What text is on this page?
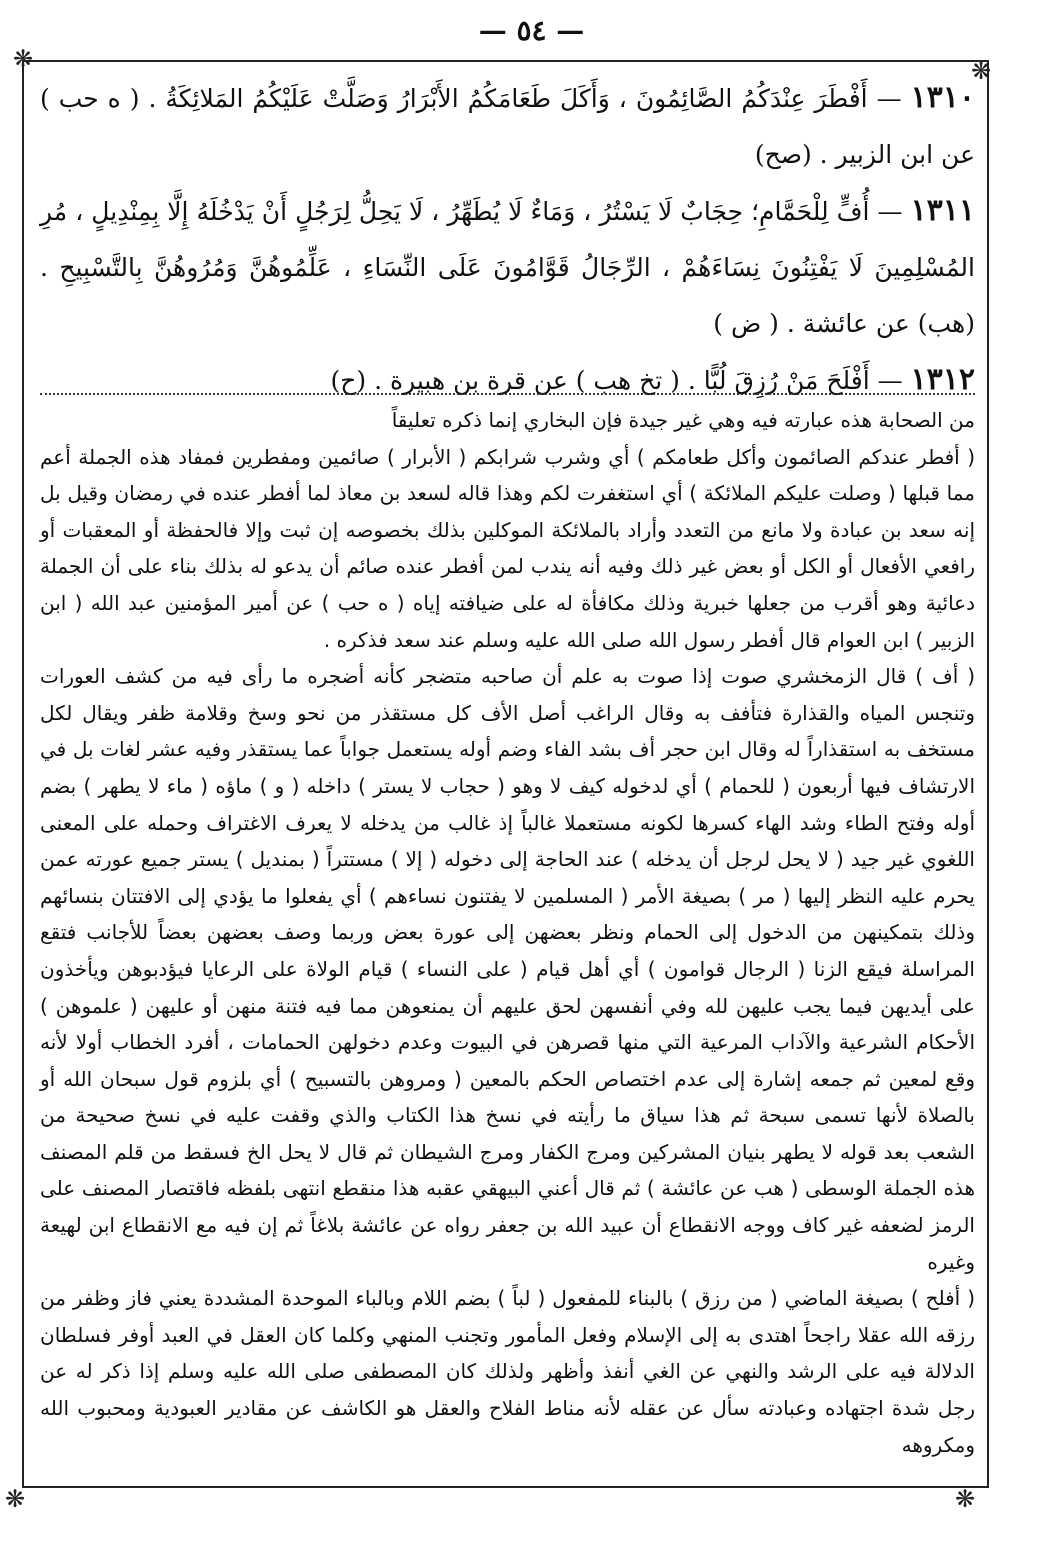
— ٥٤ —
❋	❋
❋	❋

١٣١٠ — أَفْطَرَ عِنْدَكُمُ الصَّائِمُونَ ، وَأَكَلَ طَعَامَكُمُ الأَبْرَارُ وَصَلَّتْ عَلَيْكُمُ المَلائِكَةُ . ( ه حب ) عن ابن الزبير . (صح)

١٣١١ — أُفٍّ لِلْحَمَّامِ؛ حِجَابٌ لَا يَسْتُرُ ، وَمَاءٌ لَا يُطَهِّرُ ، لَا يَحِلُّ لِرَجُلٍ أَنْ يَدْخُلَهُ إِلَّا بِمِنْدِيلٍ ، مُرِ المُسْلِمِينَ لَا يَفْتِنُونَ نِسَاءَهُمْ ، الرِّجَالُ قَوَّامُونَ عَلَى النِّسَاءِ ، عَلِّمُوهُنَّ وَمُرُوهُنَّ بِالتَّسْبِيحِ . (هب) عن عائشة . ( ض )

١٣١٢ — أَفْلَحَ مَنْ رُزِقَ لُبًّا . ( تخ هب ) عن قرة بن هبيرة . (ح)

من الصحابة هذه عبارته فيه وهي غير جيدة فإن البخاري إنما ذكره تعليقاً

( أفطر عندكم الصائمون وأكل طعامكم ) أي وشرب شرابكم ( الأبرار ) صائمين ومفطرين فمفاد هذه الجملة أعم مما قبلها ( وصلت عليكم الملائكة ) أي استغفرت لكم وهذا قاله لسعد بن معاذ لما أفطر عنده في رمضان وقيل بل إنه سعد بن عبادة ولا مانع من التعدد وأراد بالملائكة الموكلين بذلك بخصوصه إن ثبت وإلا فالحفظة أو المعقبات أو رافعي الأفعال أو الكل أو بعض غير ذلك وفيه أنه يندب لمن أفطر عنده صائم أن يدعو له بذلك بناء على أن الجملة دعائية وهو أقرب من جعلها خبرية وذلك مكافأة له على ضيافته إياه ( ه حب ) عن أمير المؤمنين عبد الله ( ابن الزبير ) ابن العوام قال أفطر رسول الله صلى الله عليه وسلم عند سعد فذكره .

( أف ) قال الزمخشري صوت إذا صوت به علم أن صاحبه متضجر كأنه أضجره ما رأى فيه من كشف العورات وتنجس المياه والقذارة فتأفف به وقال الراغب أصل الأف كل مستقذر من نحو وسخ وقلامة ظفر ويقال لكل مستخف به استقذاراً له وقال ابن حجر أف بشد الفاء وضم أوله يستعمل جواباً عما يستقذر وفيه عشر لغات بل في الارتشاف فيها أربعون ( للحمام ) أي لدخوله كيف لا وهو ( حجاب لا يستر ) داخله ( و ) ماؤه ( ماء لا يطهر ) بضم أوله وفتح الطاء وشد الهاء كسرها لكونه مستعملا غالباً إذ غالب من يدخله لا يعرف الاغتراف وحمله على المعنى اللغوي غير جيد ( لا يحل لرجل أن يدخله ) عند الحاجة إلى دخوله ( إلا ) مستتراً ( بمنديل ) يستر جميع عورته عمن يحرم عليه النظر إليها ( مر ) بصيغة الأمر ( المسلمين لا يفتنون نساءهم ) أي يفعلوا ما يؤدي إلى الافتتان بنسائهم وذلك بتمكينهن من الدخول إلى الحمام ونظر بعضهن إلى عورة بعض وربما وصف بعضهن بعضاً للأجانب فتقع المراسلة فيقع الزنا ( الرجال قوامون ) أي أهل قيام ( على النساء ) قيام الولاة على الرعايا فيؤدبوهن ويأخذون على أيديهن فيما يجب عليهن لله وفي أنفسهن لحق عليهم أن يمنعوهن مما فيه فتنة منهن أو عليهن ( علموهن ) الأحكام الشرعية والآداب المرعية التي منها قصرهن في البيوت وعدم دخولهن الحمامات ، أفرد الخطاب أولا لأنه وقع لمعين ثم جمعه إشارة إلى عدم اختصاص الحكم بالمعين ( ومروهن بالتسبيح ) أي بلزوم قول سبحان الله أو بالصلاة لأنها تسمى سبحة ثم هذا سياق ما رأيته في نسخ هذا الكتاب والذي وقفت عليه في نسخ صحيحة من الشعب بعد قوله لا يطهر بنيان المشركين ومرج الكفار ومرج الشيطان ثم قال لا يحل الخ فسقط من قلم المصنف هذه الجملة الوسطى ( هب عن عائشة ) ثم قال أعني البيهقي عقبه هذا منقطع انتهى بلفظه فاقتصار المصنف على الرمز لضعفه غير كاف ووجه الانقطاع أن عبيد الله بن جعفر رواه عن عائشة بلاغاً ثم إن فيه مع الانقطاع ابن لهيعة وغيره

( أفلح ) بصيغة الماضي ( من رزق ) بالبناء للمفعول ( لباً ) بضم اللام وبالباء الموحدة المشددة يعني فاز وظفر من رزقه الله عقلا راجحاً اهتدى به إلى الإسلام وفعل المأمور وتجنب المنهي وكلما كان العقل في العبد أوفر فسلطان الدلالة فيه على الرشد والنهي عن الغي أنفذ وأظهر ولذلك كان المصطفى صلى الله عليه وسلم إذا ذكر له عن رجل شدة اجتهاده وعبادته سأل عن عقله لأنه مناط الفلاح والعقل هو الكاشف عن مقادير العبودية ومحبوب الله ومكروهه
